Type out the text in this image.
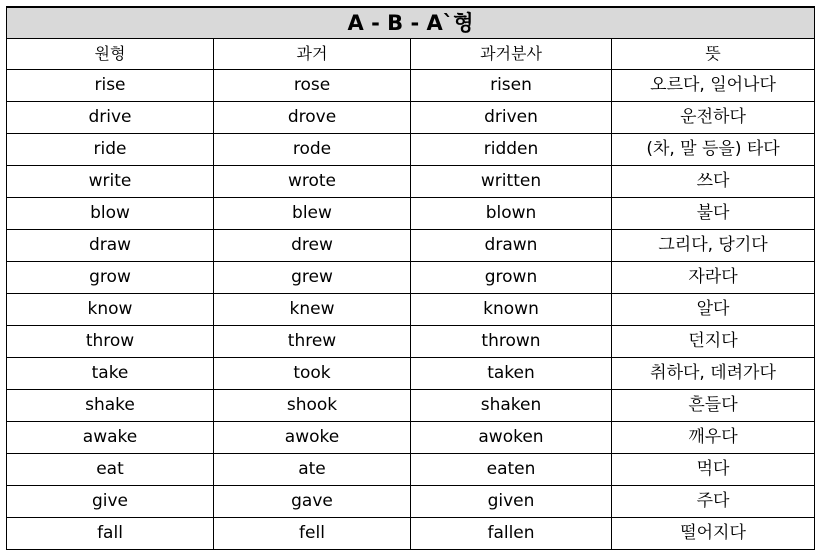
A - B - A`형			
원형	과거	과거분사	뜻
rise	rose	risen	오르다, 일어나다
drive	drove	driven	운전하다
ride	rode	ridden	(차, 말 등을) 타다
write	wrote	written	쓰다
blow	blew	blown	불다
draw	drew	drawn	그리다, 당기다
grow	grew	grown	자라다
know	knew	known	알다
throw	threw	thrown	던지다
take	took	taken	취하다, 데려가다
shake	shook	shaken	흔들다
awake	awoke	awoken	깨우다
eat	ate	eaten	먹다
give	gave	given	주다
fall	fell	fallen	떨어지다
